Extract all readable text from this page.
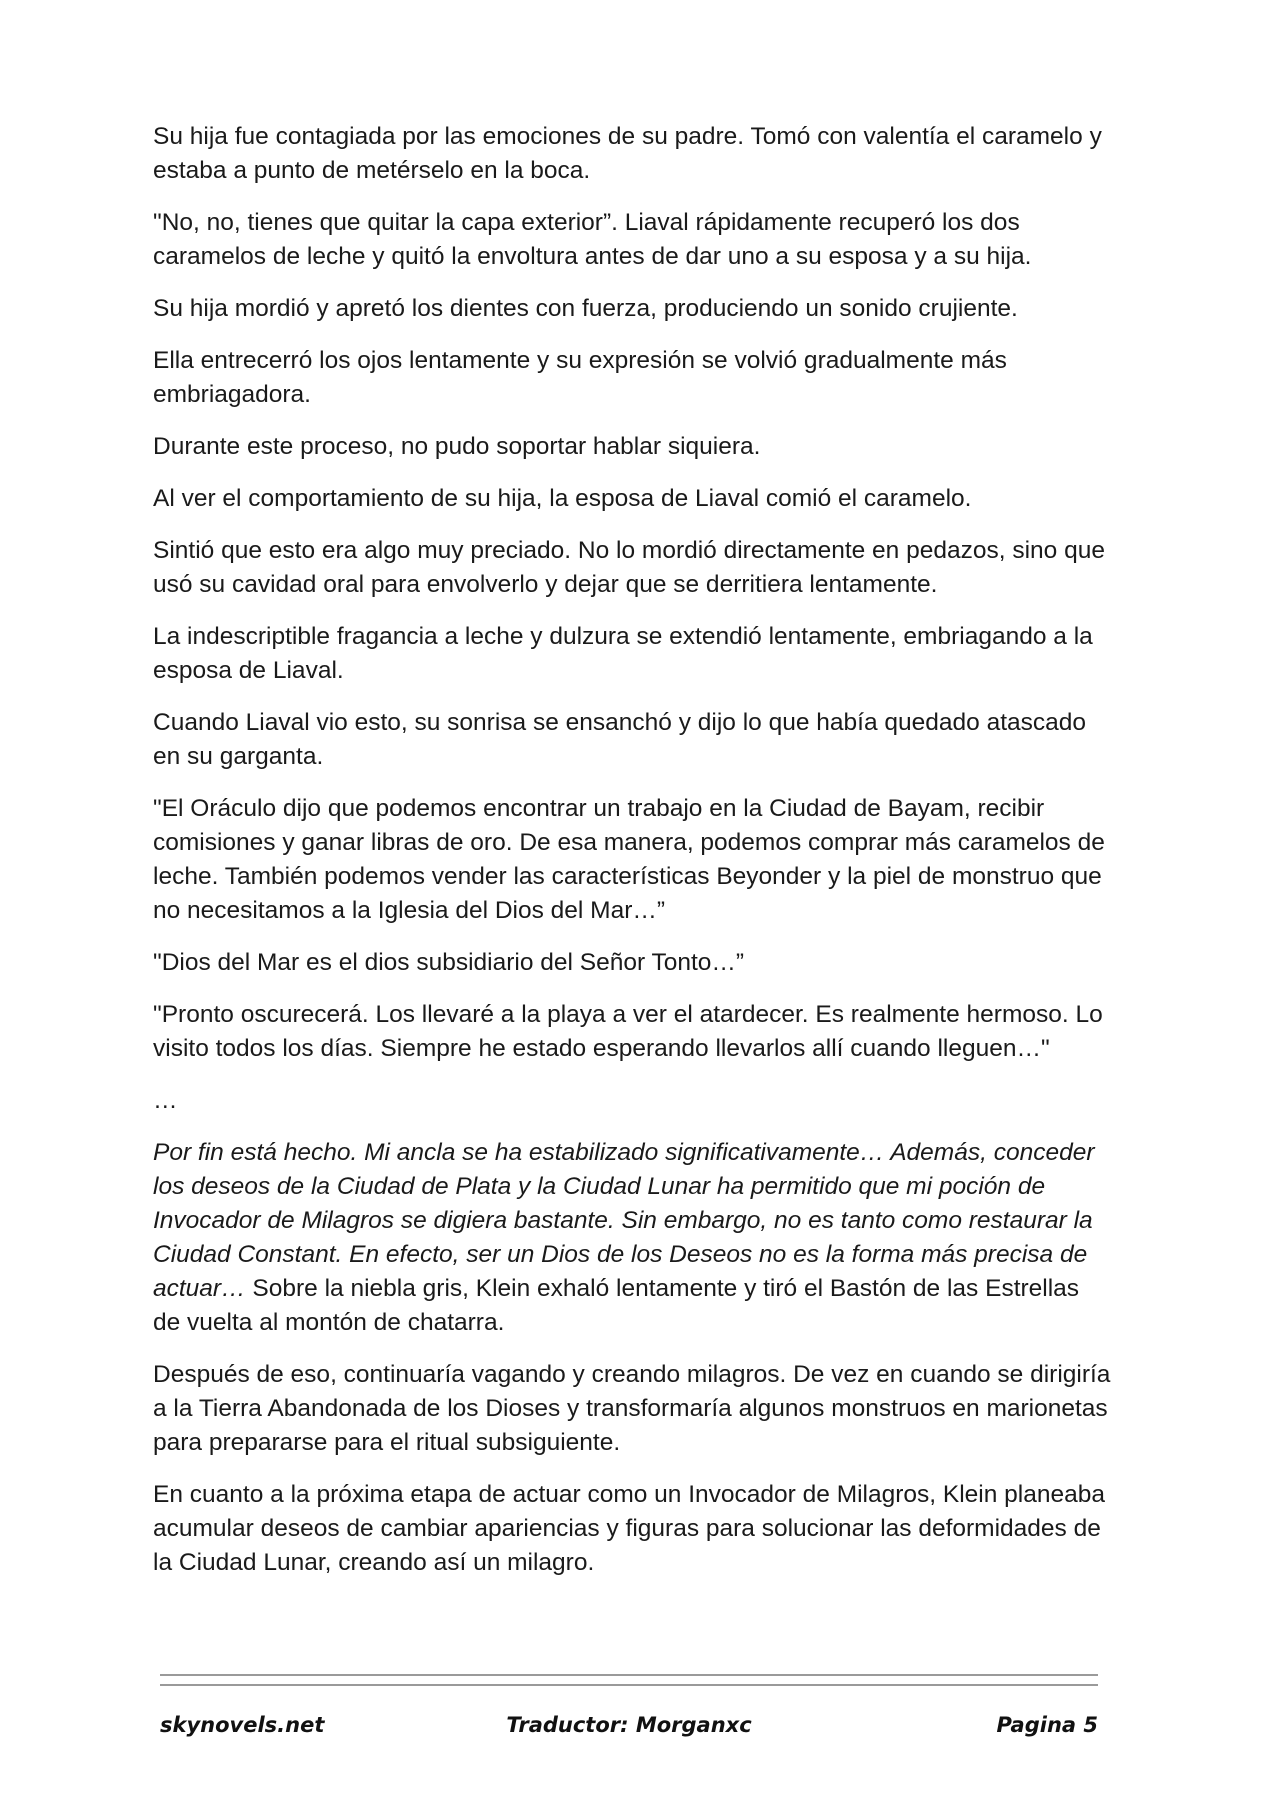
Su hija fue contagiada por las emociones de su padre. Tomó con valentía el caramelo y estaba a punto de metérselo en la boca.

"No, no, tienes que quitar la capa exterior”. Liaval rápidamente recuperó los dos caramelos de leche y quitó la envoltura antes de dar uno a su esposa y a su hija.

Su hija mordió y apretó los dientes con fuerza, produciendo un sonido crujiente.

Ella entrecerró los ojos lentamente y su expresión se volvió gradualmente más embriagadora.

Durante este proceso, no pudo soportar hablar siquiera.

Al ver el comportamiento de su hija, la esposa de Liaval comió el caramelo.

Sintió que esto era algo muy preciado. No lo mordió directamente en pedazos, sino que usó su cavidad oral para envolverlo y dejar que se derritiera lentamente.

La indescriptible fragancia a leche y dulzura se extendió lentamente, embriagando a la esposa de Liaval.

Cuando Liaval vio esto, su sonrisa se ensanchó y dijo lo que había quedado atascado en su garganta.

"El Oráculo dijo que podemos encontrar un trabajo en la Ciudad de Bayam, recibir comisiones y ganar libras de oro. De esa manera, podemos comprar más caramelos de leche. También podemos vender las características Beyonder y la piel de monstruo que no necesitamos a la Iglesia del Dios del Mar…”

"Dios del Mar es el dios subsidiario del Señor Tonto…”

"Pronto oscurecerá. Los llevaré a la playa a ver el atardecer. Es realmente hermoso. Lo visito todos los días. Siempre he estado esperando llevarlos allí cuando lleguen…"

…

Por fin está hecho. Mi ancla se ha estabilizado significativamente… Además, conceder los deseos de la Ciudad de Plata y la Ciudad Lunar ha permitido que mi poción de Invocador de Milagros se digiera bastante. Sin embargo, no es tanto como restaurar la Ciudad Constant. En efecto, ser un Dios de los Deseos no es la forma más precisa de actuar… Sobre la niebla gris, Klein exhaló lentamente y tiró el Bastón de las Estrellas de vuelta al montón de chatarra.

Después de eso, continuaría vagando y creando milagros. De vez en cuando se dirigiría a la Tierra Abandonada de los Dioses y transformaría algunos monstruos en marionetas para prepararse para el ritual subsiguiente.

En cuanto a la próxima etapa de actuar como un Invocador de Milagros, Klein planeaba acumular deseos de cambiar apariencias y figuras para solucionar las deformidades de la Ciudad Lunar, creando así un milagro.

skynovels.net	Traductor: Morganxc	Pagina 5
